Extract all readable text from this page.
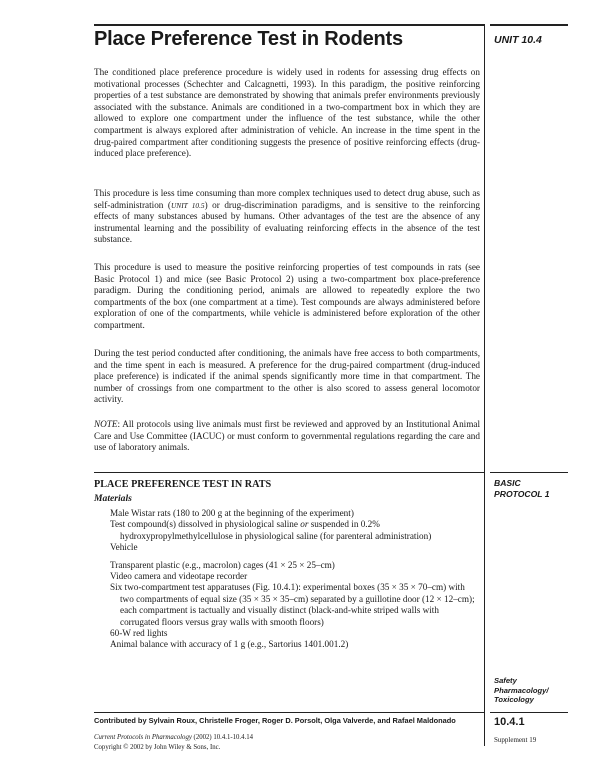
Place Preference Test in Rodents	UNIT 10.4

The conditioned place preference procedure is widely used in rodents for assessing drug effects on motivational processes (Schechter and Calcagnetti, 1993). In this paradigm, the positive reinforcing properties of a test substance are demonstrated by showing that animals prefer environments previously associated with the substance. Animals are conditioned in a two-compartment box in which they are allowed to explore one compartment under the influence of the test substance, while the other compartment is always explored after administration of vehicle. An increase in the time spent in the drug-paired compartment after conditioning suggests the presence of positive reinforcing effects (drug-induced place preference).

This procedure is less time consuming than more complex techniques used to detect drug abuse, such as self-administration (UNIT 10.5) or drug-discrimination paradigms, and is sensitive to the reinforcing effects of many substances abused by humans. Other advantages of the test are the absence of any instrumental learning and the possibility of evaluating reinforcing effects in the absence of the test substance.

This procedure is used to measure the positive reinforcing properties of test compounds in rats (see Basic Protocol 1) and mice (see Basic Protocol 2) using a two-compartment box place-preference paradigm. During the conditioning period, animals are allowed to repeatedly explore the two compartments of the box (one compartment at a time). Test compounds are always administered before exploration of one of the compartments, while vehicle is administered before exploration of the other compartment.

During the test period conducted after conditioning, the animals have free access to both compartments, and the time spent in each is measured. A preference for the drug-paired compartment (drug-induced place preference) is indicated if the animal spends significantly more time in that compartment. The number of crossings from one compartment to the other is also scored to assess general locomotor activity.

NOTE: All protocols using live animals must first be reviewed and approved by an Institutional Animal Care and Use Committee (IACUC) or must conform to governmental regulations regarding the care and use of laboratory animals.

PLACE PREFERENCE TEST IN RATS	BASIC PROTOCOL 1
Materials
Male Wistar rats (180 to 200 g at the beginning of the experiment)
Test compound(s) dissolved in physiological saline or suspended in 0.2% hydroxypropylmethylcellulose in physiological saline (for parenteral administration)
Vehicle
Transparent plastic (e.g., macrolon) cages (41 × 25 × 25–cm)
Video camera and videotape recorder
Six two-compartment test apparatuses (Fig. 10.4.1): experimental boxes (35 × 35 × 70–cm) with two compartments of equal size (35 × 35 × 35–cm) separated by a guillotine door (12 × 12–cm); each compartment is tactually and visually distinct (black-and-white striped walls with corrugated floors versus gray walls with smooth floors)
60-W red lights
Animal balance with accuracy of 1 g (e.g., Sartorius 1401.001.2)
Safety Pharmacology/ Toxicology
Contributed by Sylvain Roux, Christelle Froger, Roger D. Porsolt, Olga Valverde, and Rafael Maldonado
Current Protocols in Pharmacology (2002) 10.4.1-10.4.14
Copyright © 2002 by John Wiley & Sons, Inc.
10.4.1
Supplement 19
